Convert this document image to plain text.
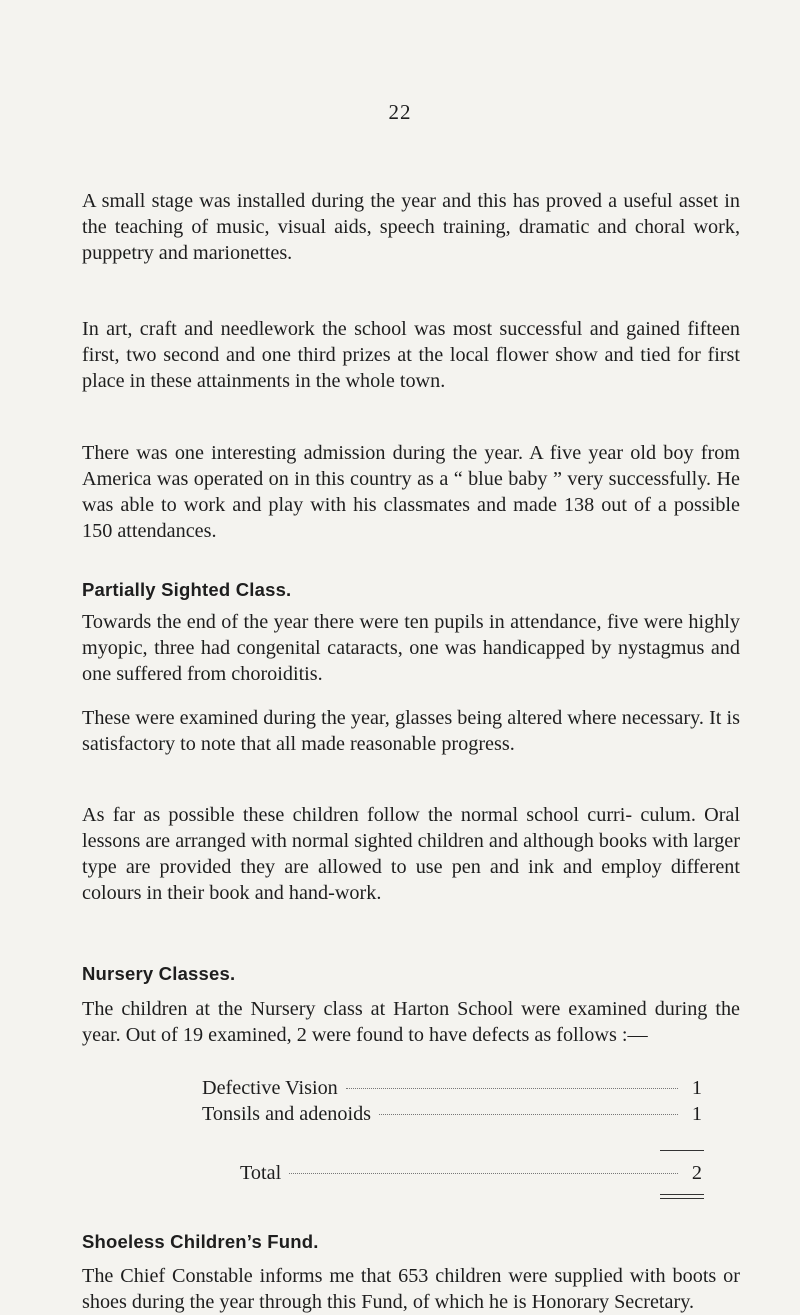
22

A small stage was installed during the year and this has proved a useful asset in the teaching of music, visual aids, speech training, dramatic and choral work, puppetry and marionettes.

In art, craft and needlework the school was most successful and gained fifteen first, two second and one third prizes at the local flower show and tied for first place in these attainments in the whole town.

There was one interesting admission during the year. A five year old boy from America was operated on in this country as a “ blue baby ” very successfully. He was able to work and play with his classmates and made 138 out of a possible 150 attendances.

Partially Sighted Class.

Towards the end of the year there were ten pupils in attendance, five were highly myopic, three had congenital cataracts, one was handicapped by nystagmus and one suffered from choroiditis.

These were examined during the year, glasses being altered where necessary. It is satisfactory to note that all made reasonable progress.

As far as possible these children follow the normal school curri- culum. Oral lessons are arranged with normal sighted children and although books with larger type are provided they are allowed to use pen and ink and employ different colours in their book and hand-work.

Nursery Classes.

The children at the Nursery class at Harton School were examined during the year. Out of 19 examined, 2 were found to have defects as follows :—

Defective Vision	1
Tonsils and adenoids	1
Total	2
Shoeless Children’s Fund.

The Chief Constable informs me that 653 children were supplied with boots or shoes during the year through this Fund, of which he is Honorary Secretary.
